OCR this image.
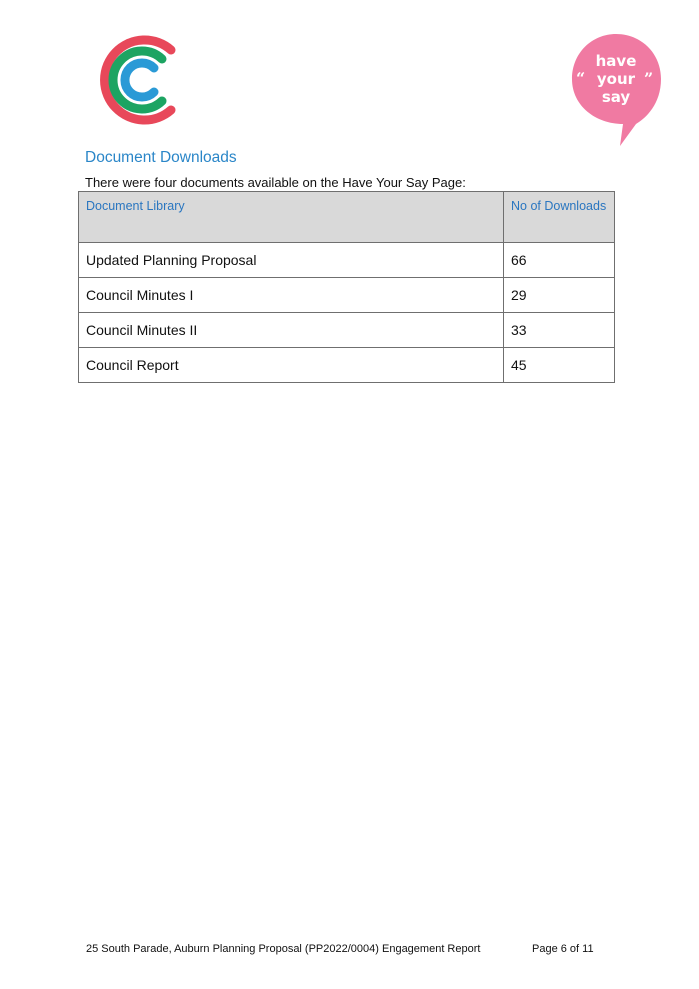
have
your
say
“	”
Document Downloads

There were four documents available on the Have Your Say Page:

Document Library	No of Downloads
Updated Planning Proposal	66
Council Minutes I	29
Council Minutes II	33
Council Report	45
25 South Parade, Auburn Planning Proposal (PP2022/0004) Engagement Report	Page 6 of 11
